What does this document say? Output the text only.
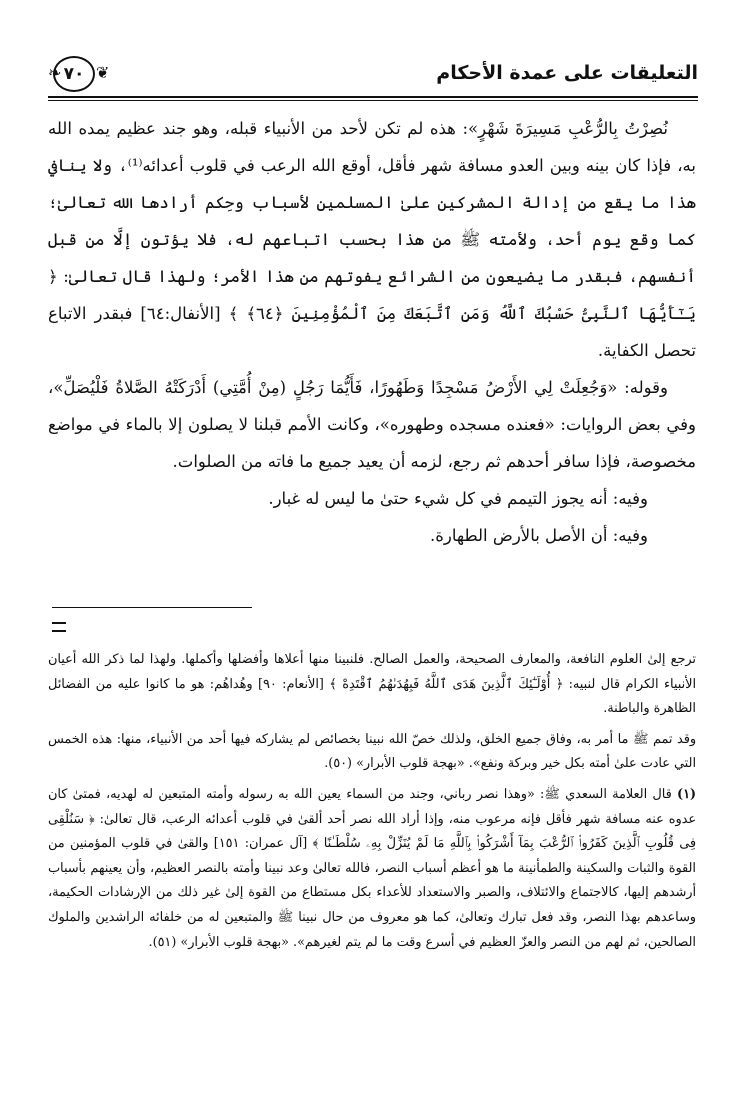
التعليقات على عمدة الأحكام
❦
٧٠
❧

نُصِرْتُ بِالرُّعْبِ مَسِيرَةَ شَهْرٍ»: هذه لم تكن لأحد من الأنبياء قبله، وهو جند عظيم يمده الله به، فإذا كان بينه وبين العدو مسافة شهر فأقل، أوقع الله الرعب في قلوب أعدائه⁽¹⁾، ولا ينافي هذا ما يقع من إدالة المشركين علىٰ المسلمين لأسباب وحِكم أرادها الله تعالىٰ؛ كما وقع يوم أحد، ولأمته ﷺ من هذا بحسب اتباعهم له، فلا يؤتون إلَّا من قبل أنفسهم، فبقدر ما يضيعون من الشرائع يفوتهم من هذا الأمر؛ ولهذا قال تعالىٰ: ﴿ يَـٰٓأَيُّهَا ٱلنَّبِىُّ حَسْبُكَ ٱللَّهُ وَمَنِ ٱتَّبَعَكَ مِنَ ٱلْمُؤْمِنِينَ ﴿٦٤﴾ ﴾ [الأنفال:٦٤] فبقدر الاتباع تحصل الكفاية.

وقوله: «وَجُعِلَتْ لِي الأَرْضُ مَسْجِدًا وَطَهُورًا، فَأَيُّمَا رَجُلٍ (مِنْ أُمَّتِي) أَدْرَكَتْهُ الصَّلاةُ فَلْيُصَلِّ»، وفي بعض الروايات: «فعنده مسجده وطهوره»، وكانت الأمم قبلنا لا يصلون إلا بالماء في مواضع مخصوصة، فإذا سافر أحدهم ثم رجع، لزمه أن يعيد جميع ما فاته من الصلوات.

وفيه: أنه يجوز التيمم في كل شيء حتىٰ ما ليس له غبار.

وفيه: أن الأصل بالأرض الطهارة.

ترجع إلىٰ العلوم النافعة، والمعارف الصحيحة، والعمل الصالح. فلنبينا منها أعلاها وأفضلها وأكملها. ولهذا لما ذكر الله أعيان الأنبياء الكرام قال لنبيه: ﴿ أُوْلَـٰٓئِكَ ٱلَّذِينَ هَدَى ٱللَّهُ فَبِهُدَىٰهُمُ ٱقْتَدِهْ ﴾ [الأنعام: ٩٠] وهُداهُم: هو ما كانوا عليه من الفضائل الظاهرة والباطنة.

وقد تمم ﷺ ما أمر به، وفاق جميع الخلق، ولذلك خصّ الله نبينا بخصائص لم يشاركه فيها أحد من الأنبياء، منها: هذه الخمس التي عادت علىٰ أمته بكل خير وبركة ونفع». «بهجة قلوب الأبرار» (٥٠).

(١) قال العلامة السعدي ﷺ: «وهذا نصر رباني، وجند من السماء يعين الله به رسوله وأمته المتبعين له لهديه، فمتىٰ كان عدوه عنه مسافة شهر فأقل فإنه مرعوب منه، وإذا أراد الله نصر أحد ألقىٰ في قلوب أعدائه الرعب، قال تعالىٰ: ﴿ سَنُلْقِى فِى قُلُوبِ ٱلَّذِينَ كَفَرُوا۟ ٱلرُّعْبَ بِمَآ أَشْرَكُوا۟ بِٱللَّهِ مَا لَمْ يُنَزِّلْ بِهِۦ سُلْطَـٰنًا ﴾ [آل عمران: ١٥١] والقىٰ في قلوب المؤمنين من القوة والثبات والسكينة والطمأنينة ما هو أعظم أسباب النصر، فالله تعالىٰ وعد نبينا وأمته بالنصر العظيم، وأن يعينهم بأسباب أرشدهم إليها، كالاجتماع والائتلاف، والصبر والاستعداد للأعداء بكل مستطاع من القوة إلىٰ غير ذلك من الإرشادات الحكيمة، وساعدهم بهذا النصر، وقد فعل تبارك وتعالىٰ، كما هو معروف من حال نبينا ﷺ والمتبعين له من خلفائه الراشدين والملوك الصالحين، ثم لهم من النصر والعزّ العظيم في أسرع وقت ما لم يتم لغيرهم». «بهجة قلوب الأبرار» (٥١).
